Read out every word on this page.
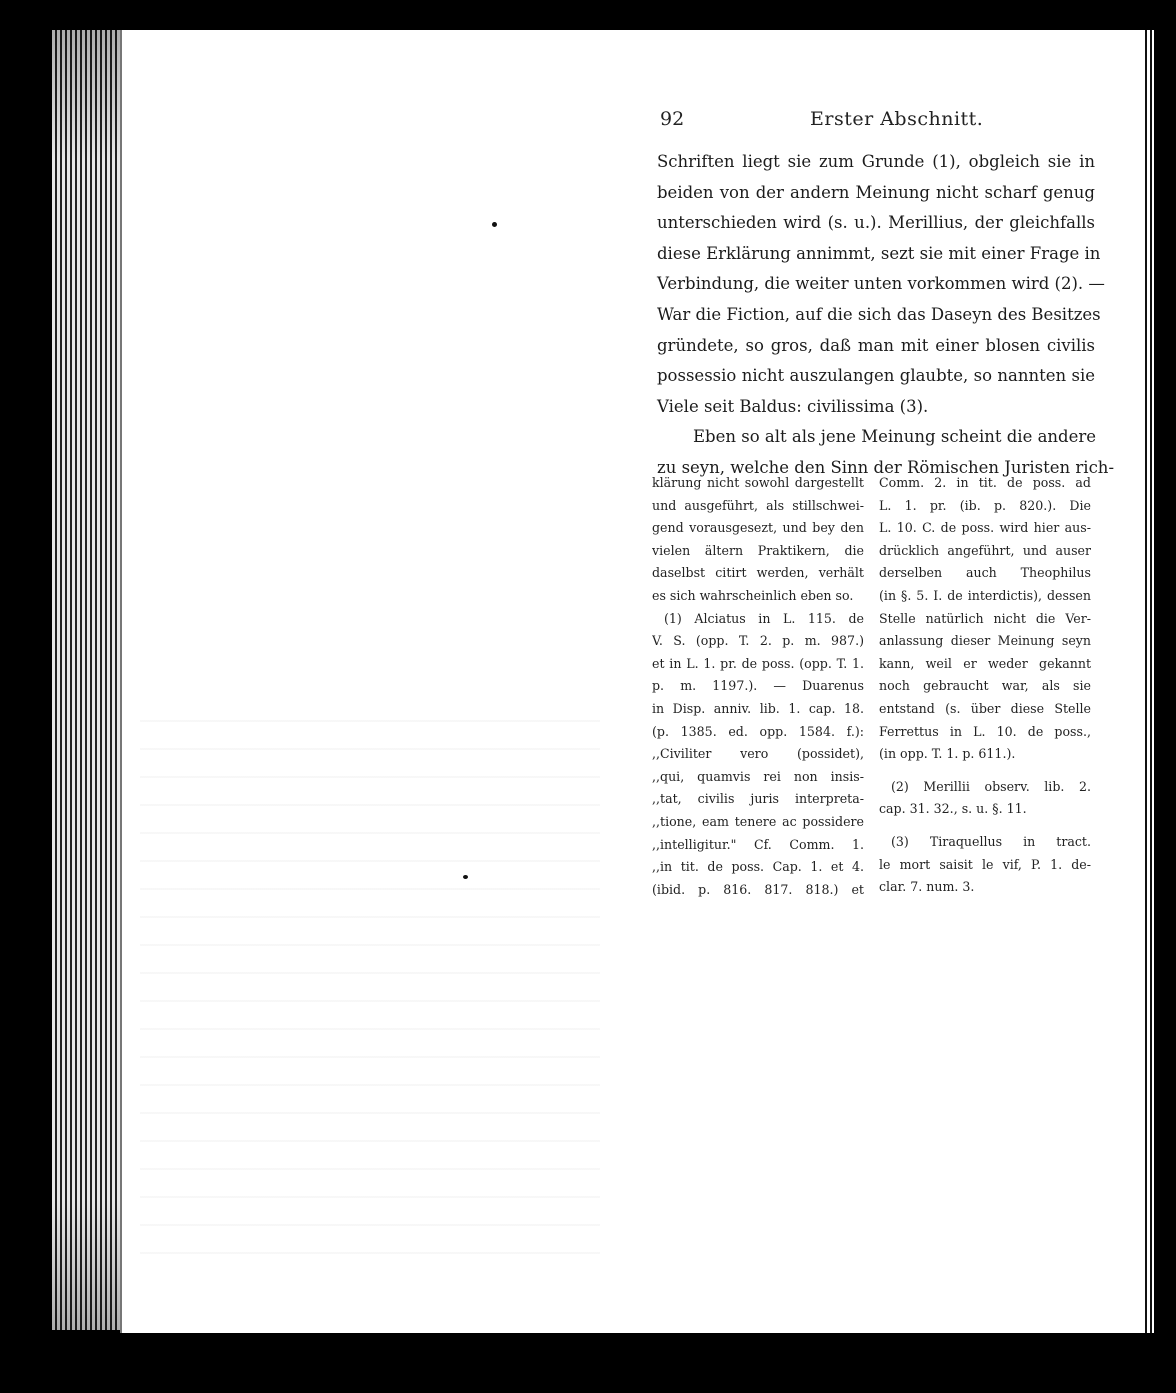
92	Erster Abschnitt.
Schriften liegt sie zum Grunde (1), obgleich sie in
beiden von der andern Meinung nicht scharf genug
unterschieden wird (s. u.). Merillius, der gleichfalls
diese Erklärung annimmt, sezt sie mit einer Frage in
Verbindung, die weiter unten vorkommen wird (2). —
War die Fiction, auf die sich das Daseyn des Besitzes
gründete, so gros, daß man mit einer blosen civilis
possessio nicht auszulangen glaubte, so nannten sie
Viele seit Baldus: civilissima (3).
Eben so alt als jene Meinung scheint die andere
zu seyn, welche den Sinn der Römischen Juristen rich-
klärung nicht sowohl dargestellt
und ausgeführt, als stillschwei-
gend vorausgesezt, und bey den
vielen ältern Praktikern, die
daselbst citirt werden, verhält
es sich wahrscheinlich eben so.
(1) Alciatus in L. 115. de
V. S. (opp. T. 2. p. m. 987.)
et in L. 1. pr. de poss. (opp. T. 1.
p. m. 1197.). — Duarenus
in Disp. anniv. lib. 1. cap. 18.
(p. 1385. ed. opp. 1584. f.):
,,Civiliter vero (possidet),
,,qui, quamvis rei non insis-
,,tat, civilis juris interpreta-
,,tione, eam tenere ac possidere
,,intelligitur." Cf. Comm. 1.
,,in tit. de poss. Cap. 1. et 4.
(ibid. p. 816. 817. 818.) et
Comm. 2. in tit. de poss. ad
L. 1. pr. (ib. p. 820.). Die
L. 10. C. de poss. wird hier aus-
drücklich angeführt, und auser
derselben auch Theophilus
(in §. 5. I. de interdictis), dessen
Stelle natürlich nicht die Ver-
anlassung dieser Meinung seyn
kann, weil er weder gekannt
noch gebraucht war, als sie
entstand (s. über diese Stelle
Ferrettus in L. 10. de poss.,
(in opp. T. 1. p. 611.).
(2) Merillii observ. lib. 2.
cap. 31. 32., s. u. §. 11.
(3) Tiraquellus in tract.
le mort saisit le vif, P. 1. de-
clar. 7. num. 3.
